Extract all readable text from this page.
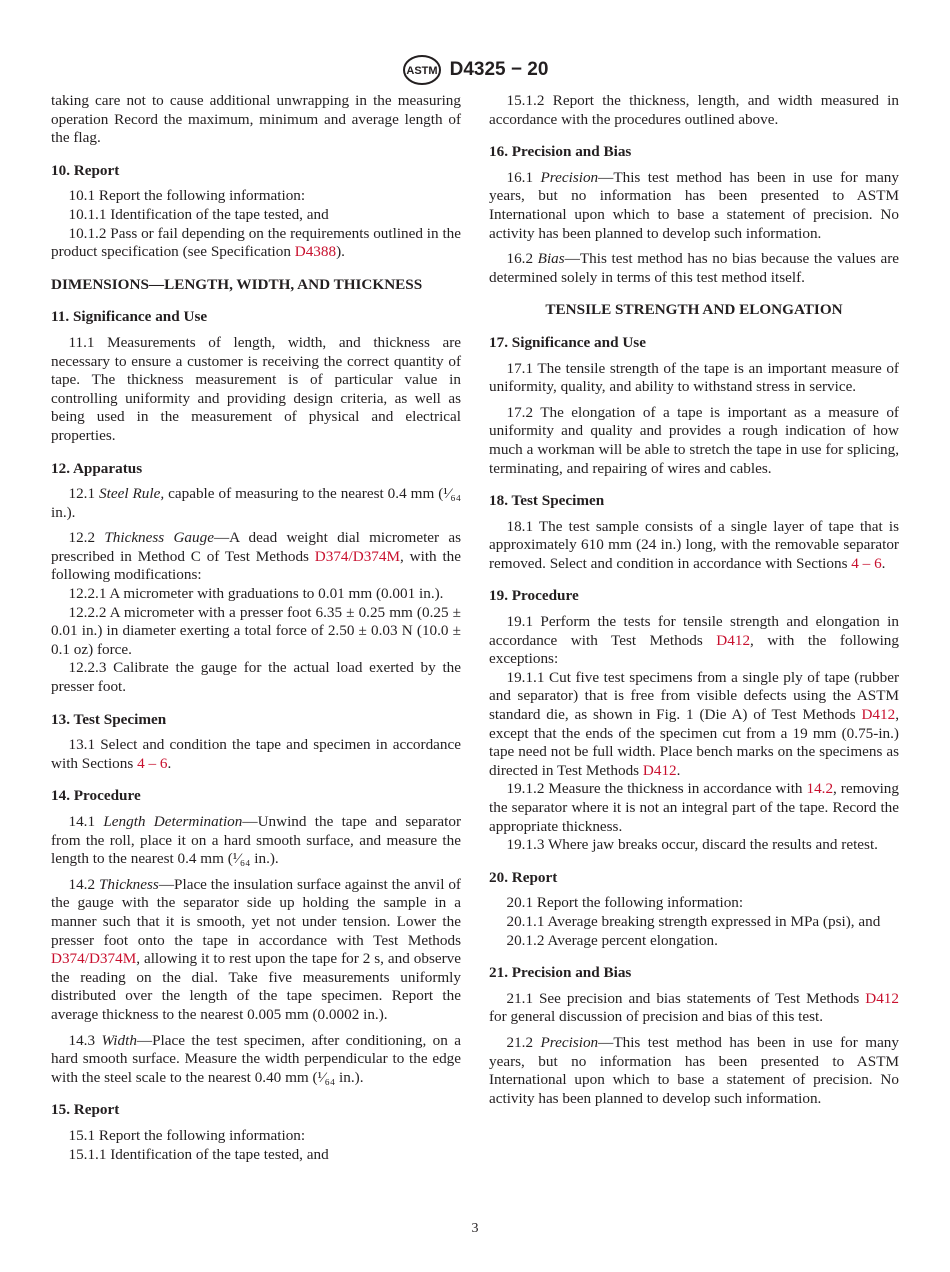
ASTM D4325 − 20

taking care not to cause additional unwrapping in the measuring operation Record the maximum, minimum and average length of the flag.

10. Report

10.1 Report the following information:

10.1.1 Identification of the tape tested, and

10.1.2 Pass or fail depending on the requirements outlined in the product specification (see Specification D4388).

DIMENSIONS—LENGTH, WIDTH, AND THICKNESS
11. Significance and Use

11.1 Measurements of length, width, and thickness are necessary to ensure a customer is receiving the correct quantity of tape. The thickness measurement is of particular value in controlling uniformity and providing design criteria, as well as being used in the measurement of physical and electrical properties.

12. Apparatus

12.1 Steel Rule, capable of measuring to the nearest 0.4 mm (¹⁄₆₄ in.).

12.2 Thickness Gauge—A dead weight dial micrometer as prescribed in Method C of Test Methods D374/D374M, with the following modifications:

12.2.1 A micrometer with graduations to 0.01 mm (0.001 in.).

12.2.2 A micrometer with a presser foot 6.35 ± 0.25 mm (0.25 ± 0.01 in.) in diameter exerting a total force of 2.50 ± 0.03 N (10.0 ± 0.1 oz) force.

12.2.3 Calibrate the gauge for the actual load exerted by the presser foot.

13. Test Specimen

13.1 Select and condition the tape and specimen in accordance with Sections 4 – 6.

14. Procedure

14.1 Length Determination—Unwind the tape and separator from the roll, place it on a hard smooth surface, and measure the length to the nearest 0.4 mm (¹⁄₆₄ in.).

14.2 Thickness—Place the insulation surface against the anvil of the gauge with the separator side up holding the sample in a manner such that it is smooth, yet not under tension. Lower the presser foot onto the tape in accordance with Test Methods D374/D374M, allowing it to rest upon the tape for 2 s, and observe the reading on the dial. Take five measurements uniformly distributed over the length of the tape specimen. Report the average thickness to the nearest 0.005 mm (0.0002 in.).

14.3 Width—Place the test specimen, after conditioning, on a hard smooth surface. Measure the width perpendicular to the edge with the steel scale to the nearest 0.40 mm (¹⁄₆₄ in.).

15. Report

15.1 Report the following information:

15.1.1 Identification of the tape tested, and

15.1.2 Report the thickness, length, and width measured in accordance with the procedures outlined above.

16. Precision and Bias

16.1 Precision—This test method has been in use for many years, but no information has been presented to ASTM International upon which to base a statement of precision. No activity has been planned to develop such information.

16.2 Bias—This test method has no bias because the values are determined solely in terms of this test method itself.

TENSILE STRENGTH AND ELONGATION
17. Significance and Use

17.1 The tensile strength of the tape is an important measure of uniformity, quality, and ability to withstand stress in service.

17.2 The elongation of a tape is important as a measure of uniformity and quality and provides a rough indication of how much a workman will be able to stretch the tape in use for splicing, terminating, and repairing of wires and cables.

18. Test Specimen

18.1 The test sample consists of a single layer of tape that is approximately 610 mm (24 in.) long, with the removable separator removed. Select and condition in accordance with Sections 4 – 6.

19. Procedure

19.1 Perform the tests for tensile strength and elongation in accordance with Test Methods D412, with the following exceptions:

19.1.1 Cut five test specimens from a single ply of tape (rubber and separator) that is free from visible defects using the ASTM standard die, as shown in Fig. 1 (Die A) of Test Methods D412, except that the ends of the specimen cut from a 19 mm (0.75-in.) tape need not be full width. Place bench marks on the specimens as directed in Test Methods D412.

19.1.2 Measure the thickness in accordance with 14.2, removing the separator where it is not an integral part of the tape. Record the appropriate thickness.

19.1.3 Where jaw breaks occur, discard the results and retest.

20. Report

20.1 Report the following information:

20.1.1 Average breaking strength expressed in MPa (psi), and

20.1.2 Average percent elongation.

21. Precision and Bias

21.1 See precision and bias statements of Test Methods D412 for general discussion of precision and bias of this test.

21.2 Precision—This test method has been in use for many years, but no information has been presented to ASTM International upon which to base a statement of precision. No activity has been planned to develop such information.

3
